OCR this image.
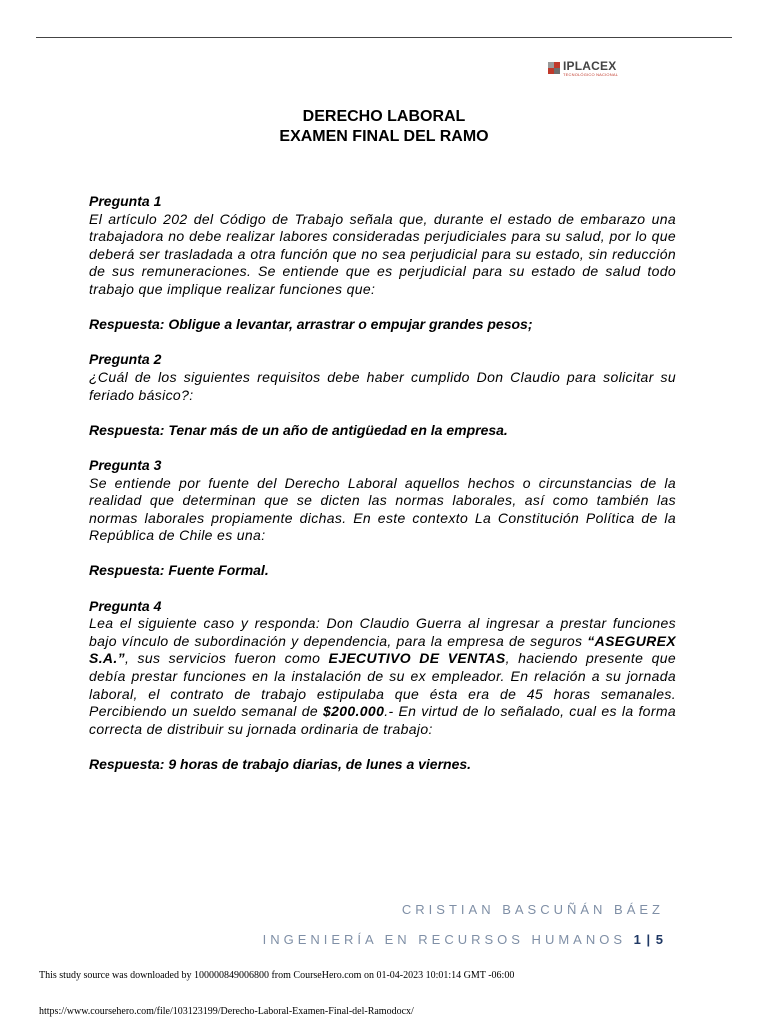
IPLACEX
TECNOLÓGICO NACIONAL
DERECHO LABORAL
EXAMEN FINAL DEL RAMO

Pregunta 1

El artículo 202 del Código de Trabajo señala que, durante el estado de embarazo una trabajadora no debe realizar labores consideradas perjudiciales para su salud, por lo que deberá ser trasladada a otra función que no sea perjudicial para su estado, sin reducción de sus remuneraciones. Se entiende que es perjudicial para su estado de salud todo trabajo que implique realizar funciones que:

Respuesta: Obligue a levantar, arrastrar o empujar grandes pesos;

Pregunta 2

¿Cuál de los siguientes requisitos debe haber cumplido Don Claudio para solicitar su feriado básico?:

Respuesta: Tenar más de un año de antigüedad en la empresa.

Pregunta 3

Se entiende por fuente del Derecho Laboral aquellos hechos o circunstancias de la realidad que determinan que se dicten las normas laborales, así como también las normas laborales propiamente dichas. En este contexto La Constitución Política de la República de Chile es una:

Respuesta: Fuente Formal.

Pregunta 4

Lea el siguiente caso y responda: Don Claudio Guerra al ingresar a prestar funciones bajo vínculo de subordinación y dependencia, para la empresa de seguros “ASEGUREX S.A.”, sus servicios fueron como EJECUTIVO DE VENTAS, haciendo presente que debía prestar funciones en la instalación de su ex empleador. En relación a su jornada laboral, el contrato de trabajo estipulaba que ésta era de 45 horas semanales. Percibiendo un sueldo semanal de $200.000.- En virtud de lo señalado, cual es la forma correcta de distribuir su jornada ordinaria de trabajo:

Respuesta: 9 horas de trabajo diarias, de lunes a viernes.

CRISTIAN BASCUÑÁN BÁEZ
INGENIERÍA EN RECURSOS HUMANOS 1 | 5
This study source was downloaded by 100000849006800 from CourseHero.com on 01-04-2023 10:01:14 GMT -06:00
https://www.coursehero.com/file/103123199/Derecho-Laboral-Examen-Final-del-Ramodocx/
